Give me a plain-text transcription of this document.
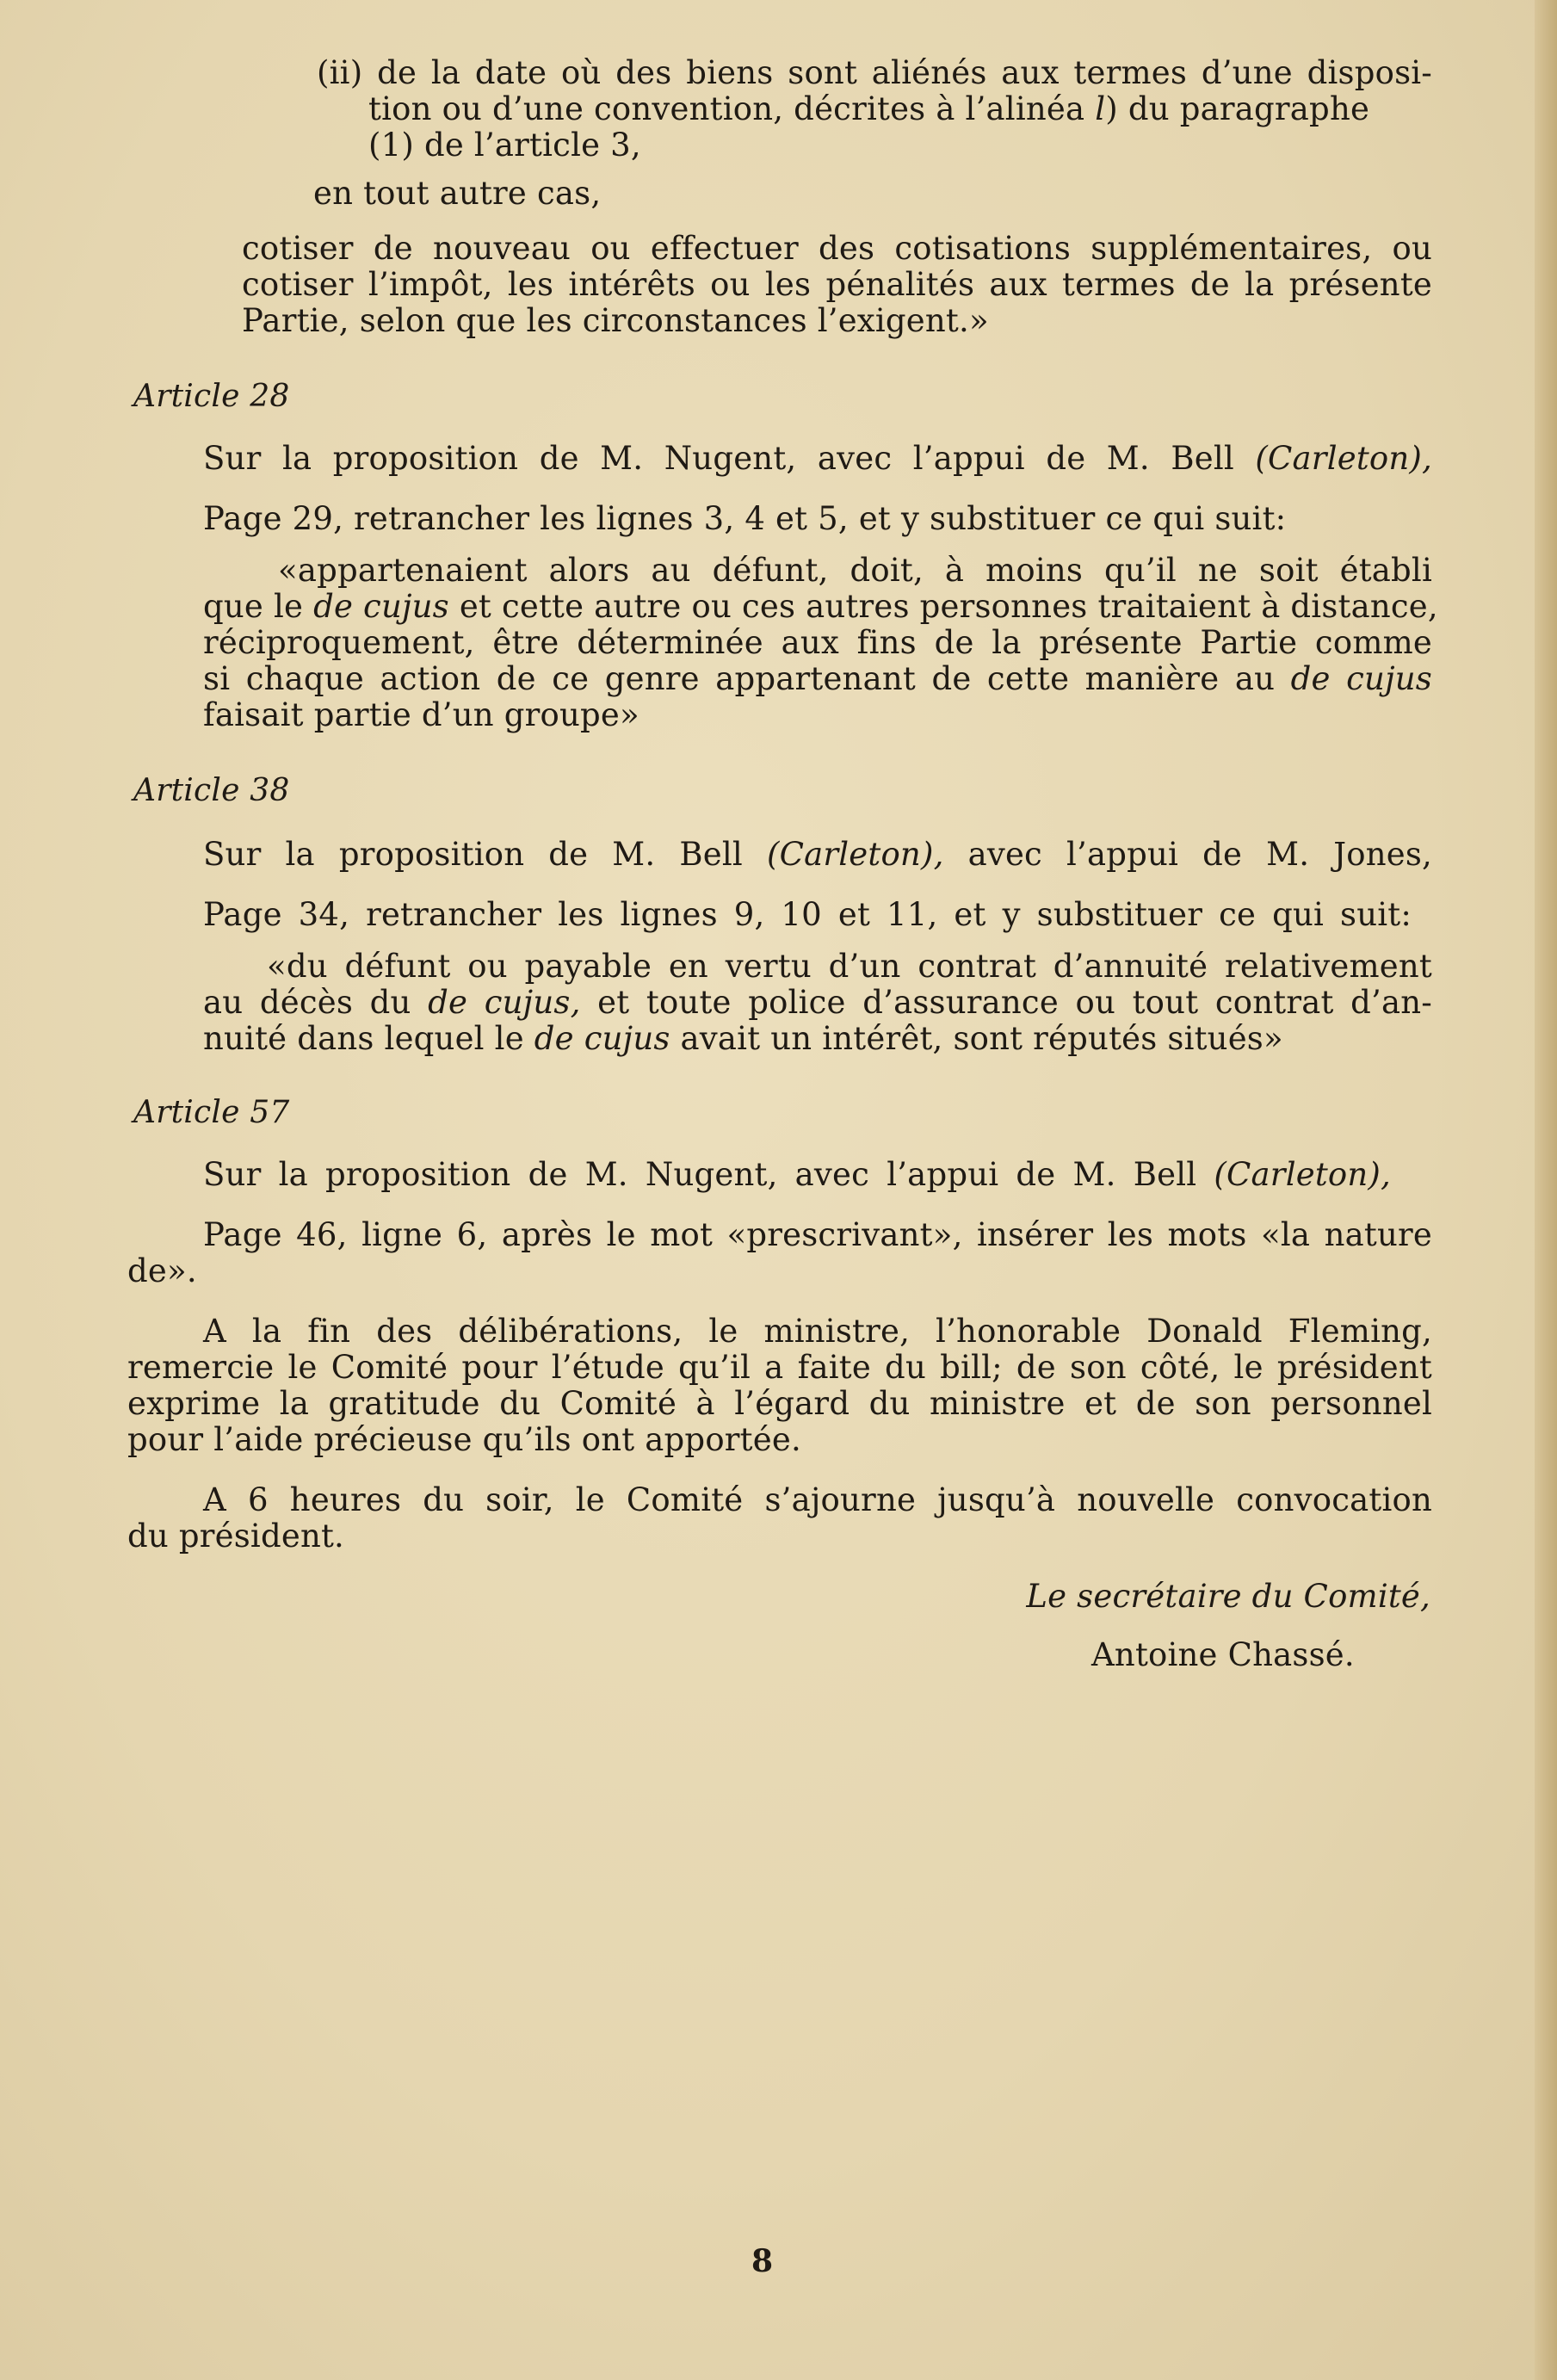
(ii) de la date où des biens sont aliénés aux termes d’une disposi-

tion ou d’une convention, décrites à l’alinéa l) du paragraphe

(1) de l’article 3,

en tout autre cas,

cotiser de nouveau ou effectuer des cotisations supplémentaires, ou

cotiser l’impôt, les intérêts ou les pénalités aux termes de la présente

Partie, selon que les circonstances l’exigent.»

Article 28

Sur la proposition de M. Nugent, avec l’appui de M. Bell (Carleton),

Page 29, retrancher les lignes 3, 4 et 5, et y substituer ce qui suit:

«appartenaient alors au défunt, doit, à moins qu’il ne soit établi

que le de cujus et cette autre ou ces autres personnes traitaient à distance,

réciproquement, être déterminée aux fins de la présente Partie comme

si chaque action de ce genre appartenant de cette manière au de cujus

faisait partie d’un groupe»

Article 38

Sur la proposition de M. Bell (Carleton), avec l’appui de M. Jones,

Page 34, retrancher les lignes 9, 10 et 11, et y substituer ce qui suit:

«du défunt ou payable en vertu d’un contrat d’annuité relativement

au décès du de cujus, et toute police d’assurance ou tout contrat d’an-

nuité dans lequel le de cujus avait un intérêt, sont réputés situés»

Article 57

Sur la proposition de M. Nugent, avec l’appui de M. Bell (Carleton),

Page 46, ligne 6, après le mot «prescrivant», insérer les mots «la nature

de».

A la fin des délibérations, le ministre, l’honorable Donald Fleming,

remercie le Comité pour l’étude qu’il a faite du bill; de son côté, le président

exprime la gratitude du Comité à l’égard du ministre et de son personnel

pour l’aide précieuse qu’ils ont apportée.

A 6 heures du soir, le Comité s’ajourne jusqu’à nouvelle convocation

du président.

Le secrétaire du Comité,

Antoine Chassé.

8
